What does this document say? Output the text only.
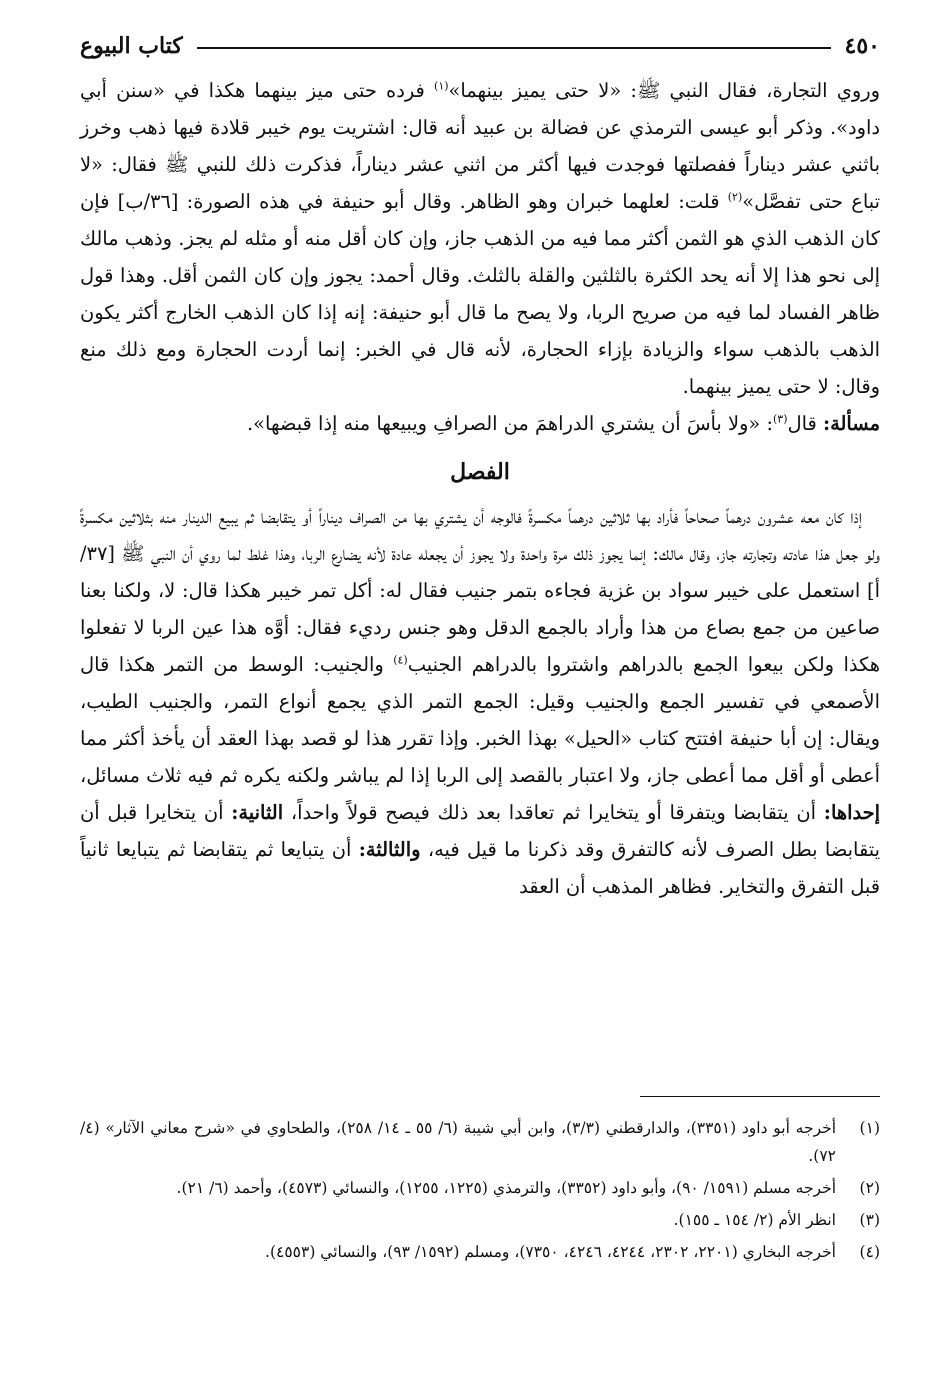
٤٥٠
كتاب البيوع

وروي التجارة، فقال النبي ﷺ: «لا حتى يميز بينهما»$^{(١)}$ فرده حتى ميز بينهما هكذا في «سنن أبي داود». وذكر أبو عيسى الترمذي عن فضالة بن عبيد أنه قال: اشتريت يوم خيبر قلادة فيها ذهب وخرز باثني عشر ديناراً ففصلتها فوجدت فيها أكثر من اثني عشر ديناراً، فذكرت ذلك للنبي ﷺ فقال: «لا تباع حتى تفصَّل»$^{(٢)}$ قلت: لعلهما خبران وهو الظاهر. وقال أبو حنيفة في هذه الصورة: [٣٦/ب] فإن كان الذهب الذي هو الثمن أكثر مما فيه من الذهب جاز، وإن كان أقل منه أو مثله لم يجز. وذهب مالك إلى نحو هذا إلا أنه يحد الكثرة بالثلثين والقلة بالثلث. وقال أحمد: يجوز وإن كان الثمن أقل. وهذا قول ظاهر الفساد لما فيه من صريح الربا، ولا يصح ما قال أبو حنيفة: إنه إذا كان الذهب الخارج أكثر يكون الذهب بالذهب سواء والزيادة بإزاء الحجارة، لأنه قال في الخبر: إنما أردت الحجارة ومع ذلك منع وقال: لا حتى يميز بينهما.

مسألة: قال$^{(٣)}$: «ولا بأسَ أن يشتري الدراهمَ من الصرافِ ويبيعها منه إذا قبضها».

الفصل

إذا كان معه عشرون درهماً صحاحاً فأراد بها ثلاثين درهماً مكسرةً فالوجه أن يشتري بها من الصراف ديناراً أو يتقابضا ثم يبيع الدينار منه بثلاثين مكسرةً ولو جعل هذا عادته وتجارته جاز، وقال مالك: إنما يجوز ذلك مرة واحدة ولا يجوز أن يجعله عادة لأنه يضارع الربا، وهذا غلط لما روي أن النبي ﷺ [٣٧/أ] استعمل على خيبر سواد بن غزية فجاءه بتمر جنيب فقال له: أكل تمر خيبر هكذا قال: لا، ولكنا بعنا صاعين من جمع بصاع من هذا وأراد بالجمع الدقل وهو جنس رديء فقال: أوَّه هذا عين الربا لا تفعلوا هكذا ولكن بيعوا الجمع بالدراهم واشتروا بالدراهم الجنيب$^{(٤)}$ والجنيب: الوسط من التمر هكذا قال الأصمعي في تفسير الجمع والجنيب وقيل: الجمع التمر الذي يجمع أنواع التمر، والجنيب الطيب، ويقال: إن أبا حنيفة افتتح كتاب «الحيل» بهذا الخبر. وإذا تقرر هذا لو قصد بهذا العقد أن يأخذ أكثر مما أعطى أو أقل مما أعطى جاز، ولا اعتبار بالقصد إلى الربا إذا لم يباشر ولكنه يكره ثم فيه ثلاث مسائل، إحداها: أن يتقابضا ويتفرقا أو يتخايرا ثم تعاقدا بعد ذلك فيصح قولاً واحداً، الثانية: أن يتخايرا قبل أن يتقابضا بطل الصرف لأنه كالتفرق وقد ذكرنا ما قيل فيه، والثالثة: أن يتبايعا ثم يتقابضا ثم يتبايعا ثانياً قبل التفرق والتخاير. فظاهر المذهب أن العقد

(١)
أخرجه أبو داود (٣٣٥١)، والدارقطني (٣/٣)، وابن أبي شيبة (٦/ ٥٥ ـ ١٤/ ٢٥٨)، والطحاوي في «شرح معاني الآثار» (٤/ ٧٢).
(٢)
أخرجه مسلم (١٥٩١/ ٩٠)، وأبو داود (٣٣٥٢)، والترمذي (١٢٢٥، ١٢٥٥)، والنسائي (٤٥٧٣)، وأحمد (٦/ ٢١).
(٣)
انظر الأم (٢/ ١٥٤ ـ ١٥٥).
(٤)
أخرجه البخاري (٢٢٠١، ٢٣٠٢، ٤٢٤٤، ٤٢٤٦، ٧٣٥٠)، ومسلم (١٥٩٢/ ٩٣)، والنسائي (٤٥٥٣).
